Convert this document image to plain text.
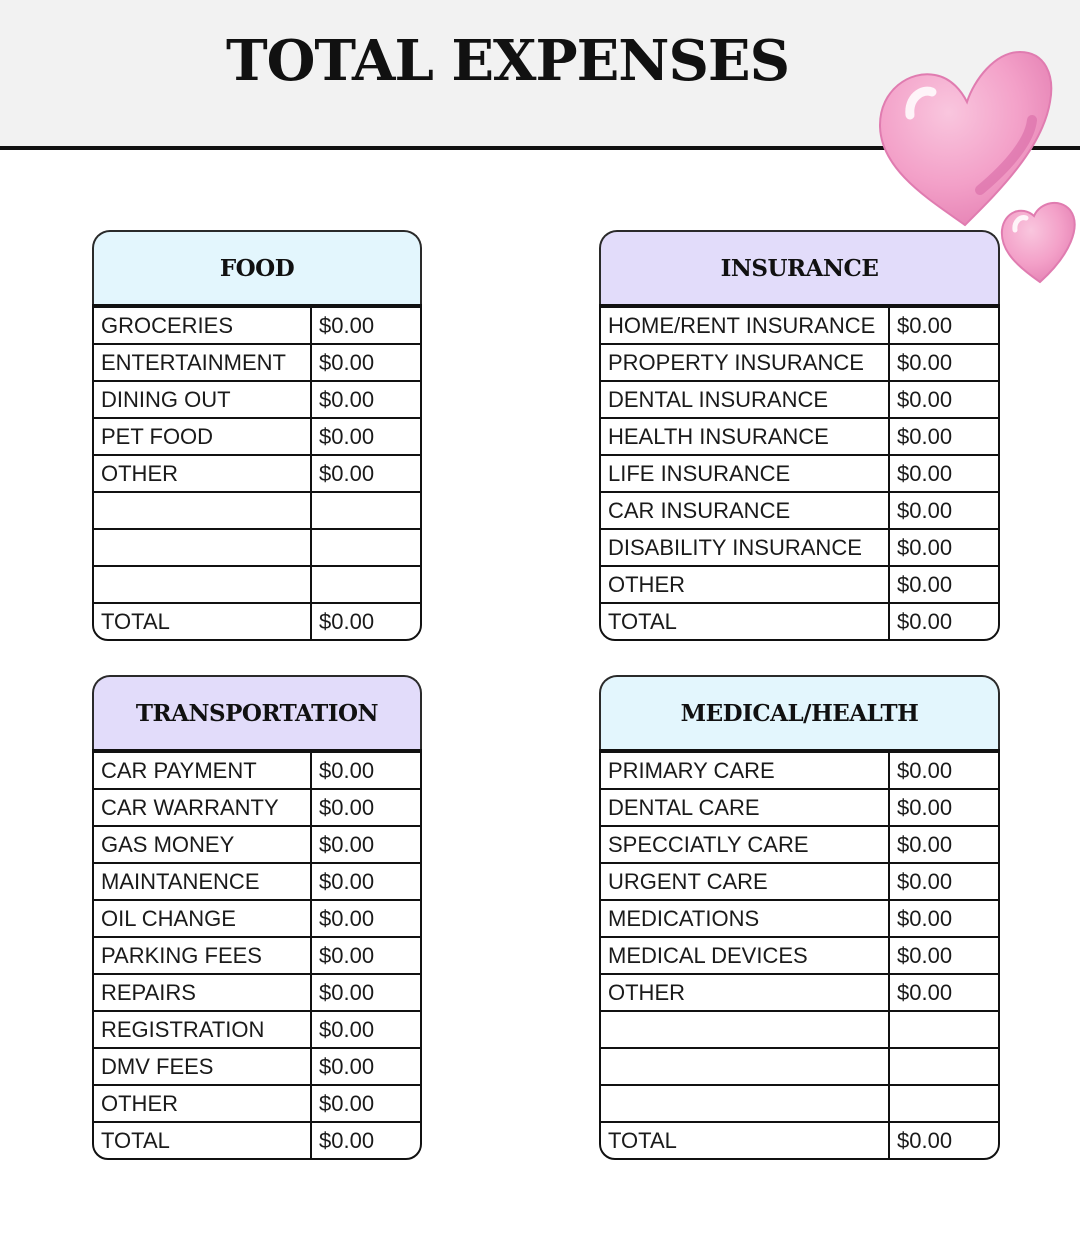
TOTAL EXPENSES
FOOD
GROCERIES	$0.00
ENTERTAINMENT	$0.00
DINING OUT	$0.00
PET FOOD	$0.00
OTHER	$0.00
TOTAL	$0.00
INSURANCE
HOME/RENT INSURANCE $0.00
PROPERTY INSURANCE	$0.00
DENTAL INSURANCE	$0.00
HEALTH INSURANCE	$0.00
LIFE INSURANCE	$0.00
CAR INSURANCE	$0.00
DISABILITY INSURANCE	$0.00
OTHER	$0.00
TOTAL	$0.00
TRANSPORTATION
CAR PAYMENT	$0.00
CAR WARRANTY	$0.00
GAS MONEY	$0.00
MAINTANENCE	$0.00
OIL CHANGE	$0.00
PARKING FEES	$0.00
REPAIRS	$0.00
REGISTRATION	$0.00
DMV FEES	$0.00
OTHER	$0.00
TOTAL	$0.00
MEDICAL/HEALTH
PRIMARY CARE	$0.00
DENTAL CARE	$0.00
SPECCIATLY CARE	$0.00
URGENT CARE	$0.00
MEDICATIONS	$0.00
MEDICAL DEVICES	$0.00
OTHER	$0.00
TOTAL	$0.00
